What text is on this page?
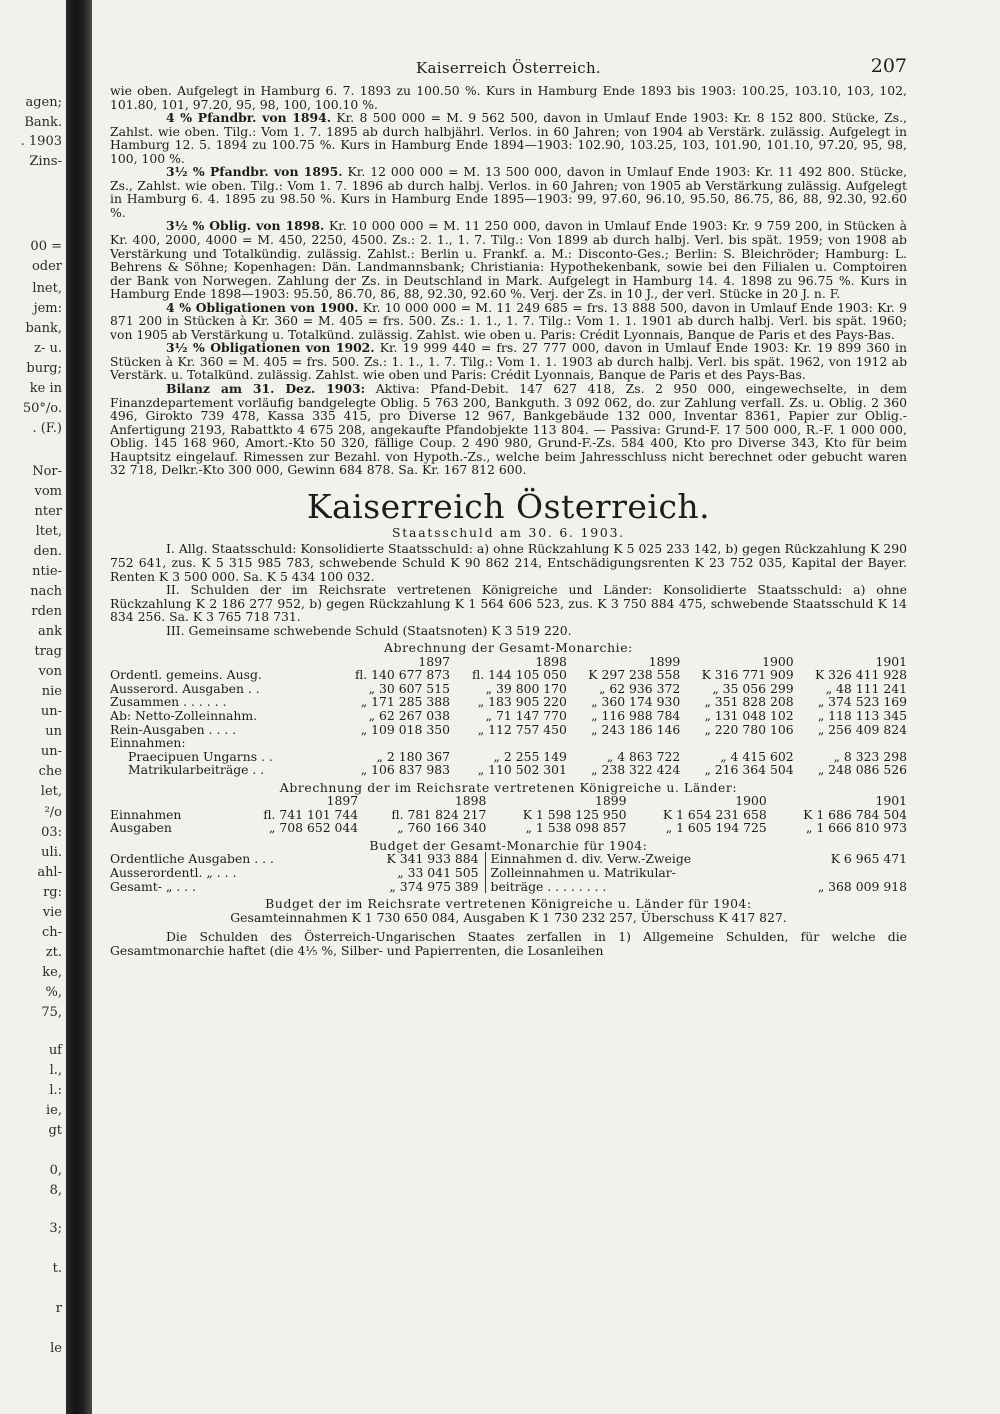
agen;
Bank.
. 1903
Zins-
00 =
oder
lnet,
jem:
bank,
z- u.
burg;
ke in
50°/o.
. (F.)
Nor-
vom
nter
ltet,
den.
ntie-
nach
rden
ank
trag
von
nie
un-
un
un-
che
let,
²/o
03:
uli.
ahl-
rg:
vie
ch-
zt.
ke,
%,
75,
uf
l.,
l.:
ie,
gt
0,
8,
3;
t.
r
le
Kaiserreich Österreich.	207

wie oben. Aufgelegt in Hamburg 6. 7. 1893 zu 100.50 %. Kurs in Hamburg Ende 1893 bis 1903: 100.25, 103.10, 103, 102, 101.80, 101, 97.20, 95, 98, 100, 100.10 %.

4 % Pfandbr. von 1894. Kr. 8 500 000 = M. 9 562 500, davon in Umlauf Ende 1903: Kr. 8 152 800. Stücke, Zs., Zahlst. wie oben. Tilg.: Vom 1. 7. 1895 ab durch halbjährl. Verlos. in 60 Jahren; von 1904 ab Verstärk. zulässig. Aufgelegt in Hamburg 12. 5. 1894 zu 100.75 %. Kurs in Hamburg Ende 1894—1903: 102.90, 103.25, 103, 101.90, 101.10, 97.20, 95, 98, 100, 100 %.

3½ % Pfandbr. von 1895. Kr. 12 000 000 = M. 13 500 000, davon in Umlauf Ende 1903: Kr. 11 492 800. Stücke, Zs., Zahlst. wie oben. Tilg.: Vom 1. 7. 1896 ab durch halbj. Verlos. in 60 Jahren; von 1905 ab Verstärkung zulässig. Aufgelegt in Hamburg 6. 4. 1895 zu 98.50 %. Kurs in Hamburg Ende 1895—1903: 99, 97.60, 96.10, 95.50, 86.75, 86, 88, 92.30, 92.60 %.

3½ % Oblig. von 1898. Kr. 10 000 000 = M. 11 250 000, davon in Umlauf Ende 1903: Kr. 9 759 200, in Stücken à Kr. 400, 2000, 4000 = M. 450, 2250, 4500. Zs.: 2. 1., 1. 7. Tilg.: Von 1899 ab durch halbj. Verl. bis spät. 1959; von 1908 ab Verstärkung und Totalkündig. zulässig. Zahlst.: Berlin u. Frankf. a. M.: Disconto-Ges.; Berlin: S. Bleichröder; Hamburg: L. Behrens & Söhne; Kopenhagen: Dän. Landmannsbank; Christiania: Hypothekenbank, sowie bei den Filialen u. Comptoiren der Bank von Norwegen. Zahlung der Zs. in Deutschland in Mark. Aufgelegt in Hamburg 14. 4. 1898 zu 96.75 %. Kurs in Hamburg Ende 1898—1903: 95.50, 86.70, 86, 88, 92.30, 92.60 %. Verj. der Zs. in 10 J., der verl. Stücke in 20 J. n. F.

4 % Obligationen von 1900. Kr. 10 000 000 = M. 11 249 685 = frs. 13 888 500, davon in Umlauf Ende 1903: Kr. 9 871 200 in Stücken à Kr. 360 = M. 405 = frs. 500. Zs.: 1. 1., 1. 7. Tilg.: Vom 1. 1. 1901 ab durch halbj. Verl. bis spät. 1960; von 1905 ab Verstärkung u. Totalkünd. zulässig. Zahlst. wie oben u. Paris: Crédit Lyonnais, Banque de Paris et des Pays-Bas.

3½ % Obligationen von 1902. Kr. 19 999 440 = frs. 27 777 000, davon in Umlauf Ende 1903: Kr. 19 899 360 in Stücken à Kr. 360 = M. 405 = frs. 500. Zs.: 1. 1., 1. 7. Tilg.: Vom 1. 1. 1903 ab durch halbj. Verl. bis spät. 1962, von 1912 ab Verstärk. u. Totalkünd. zulässig. Zahlst. wie oben und Paris: Crédit Lyonnais, Banque de Paris et des Pays-Bas.

Bilanz am 31. Dez. 1903: Aktiva: Pfand-Debit. 147 627 418, Zs. 2 950 000, eingewechselte, in dem Finanzdepartement vorläufig bandgelegte Oblig. 5 763 200, Bankguth. 3 092 062, do. zur Zahlung verfall. Zs. u. Oblig. 2 360 496, Girokto 739 478, Kassa 335 415, pro Diverse 12 967, Bankgebäude 132 000, Inventar 8361, Papier zur Oblig.-Anfertigung 2193, Rabattkto 4 675 208, angekaufte Pfandobjekte 113 804. — Passiva: Grund-F. 17 500 000, R.-F. 1 000 000, Oblig. 145 168 960, Amort.-Kto 50 320, fällige Coup. 2 490 980, Grund-F.-Zs. 584 400, Kto pro Diverse 343, Kto für beim Hauptsitz eingelauf. Rimessen zur Bezahl. von Hypoth.-Zs., welche beim Jahresschluss nicht berechnet oder gebucht waren 32 718, Delkr.-Kto 300 000, Gewinn 684 878. Sa. Kr. 167 812 600.

Kaiserreich Österreich.
Staatsschuld am 30. 6. 1903.

I. Allg. Staatsschuld: Konsolidierte Staatsschuld: a) ohne Rückzahlung K 5 025 233 142, b) gegen Rückzahlung K 290 752 641, zus. K 5 315 985 783, schwebende Schuld K 90 862 214, Entschädigungsrenten K 23 752 035, Kapital der Bayer. Renten K 3 500 000. Sa. K 5 434 100 032.

II. Schulden der im Reichsrate vertretenen Königreiche und Länder: Konsolidierte Staatsschuld: a) ohne Rückzahlung K 2 186 277 952, b) gegen Rückzahlung K 1 564 606 523, zus. K 3 750 884 475, schwebende Staatsschuld K 14 834 256. Sa. K 3 765 718 731.

III. Gemeinsame schwebende Schuld (Staatsnoten) K 3 519 220.

Abrechnung der Gesamt-Monarchie:
	1897	1898	1899	1900	1901
Ordentl. gemeins. Ausg.	fl. 140 677 873	fl. 144 105 050	K 297 238 558	K 316 771 909	K 326 411 928
Ausserord. Ausgaben . .	„ 30 607 515	„ 39 800 170	„ 62 936 372	„ 35 056 299	„ 48 111 241
Zusammen . . . . . .	„ 171 285 388	„ 183 905 220	„ 360 174 930	„ 351 828 208	„ 374 523 169
Ab: Netto-Zolleinnahm.	„ 62 267 038	„ 71 147 770	„ 116 988 784	„ 131 048 102	„ 118 113 345
Rein-Ausgaben . . . .	„ 109 018 350	„ 112 757 450	„ 243 186 146	„ 220 780 106	„ 256 409 824
Einnahmen:					
Praecipuen Ungarns . .	„ 2 180 367	„ 2 255 149	„ 4 863 722	„ 4 415 602	„ 8 323 298
Matrikularbeiträge . .	„ 106 837 983	„ 110 502 301	„ 238 322 424	„ 216 364 504	„ 248 086 526
Abrechnung der im Reichsrate vertretenen Königreiche u. Länder:
	1897	1898	1899	1900	1901
Einnahmen	fl. 741 101 744	fl. 781 824 217	K 1 598 125 950	K 1 654 231 658	K 1 686 784 504
Ausgaben	„ 708 652 044	„ 760 166 340	„ 1 538 098 857	„ 1 605 194 725	„ 1 666 810 973
Budget der Gesamt-Monarchie für 1904:
Ordentliche Ausgaben . . .	K 341 933 884	Einnahmen d. div. Verw.-Zweige	K 6 965 471
Ausserordentl. „ . . .	„ 33 041 505	Zolleinnahmen u. Matrikular-	
Gesamt- „ . . .	„ 374 975 389	beiträge . . . . . . . .	„ 368 009 918
Budget der im Reichsrate vertretenen Königreiche u. Länder für 1904:
Gesamteinnahmen K 1 730 650 084, Ausgaben K 1 730 232 257, Überschuss K 417 827.

Die Schulden des Österreich-Ungarischen Staates zerfallen in 1) Allgemeine Schulden, für welche die Gesamtmonarchie haftet (die 4⅕ %, Silber- und Papierrenten, die Losanleihen
